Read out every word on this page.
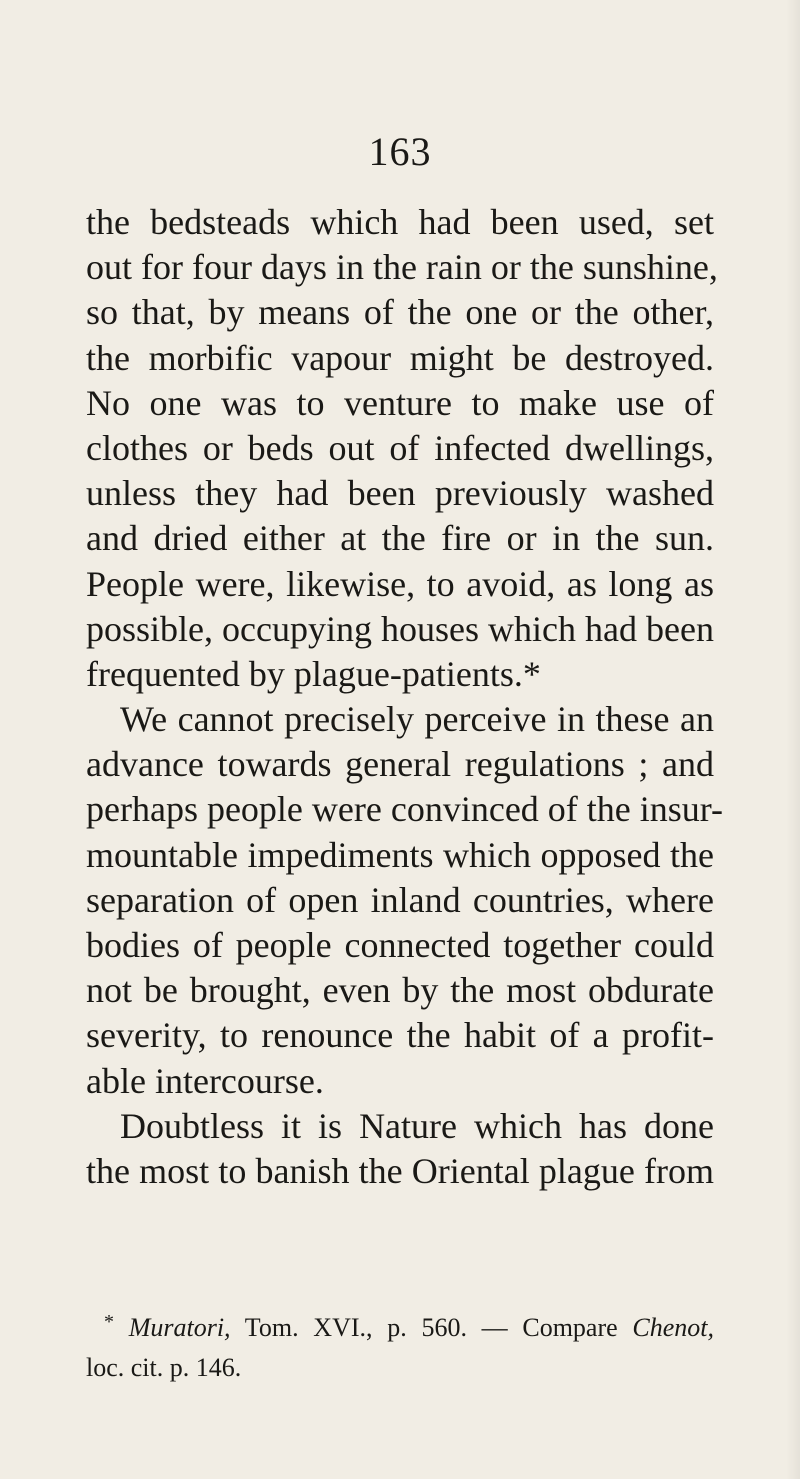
163
the bedsteads which had been used, set
out for four days in the rain or the sunshine,
so that, by means of the one or the other,
the morbific vapour might be destroyed.
No one was to venture to make use of
clothes or beds out of infected dwellings,
unless they had been previously washed
and dried either at the fire or in the sun.
People were, likewise, to avoid, as long as
possible, occupying houses which had been
frequented by plague-patients.*
We cannot precisely perceive in these an
advance towards general regulations ; and
perhaps people were convinced of the insur-
mountable impediments which opposed the
separation of open inland countries, where
bodies of people connected together could
not be brought, even by the most obdurate
severity, to renounce the habit of a profit-
able intercourse.
Doubtless it is Nature which has done
the most to banish the Oriental plague from
* Muratori, Tom. XVI., p. 560. — Compare Chenot,
loc. cit. p. 146.
